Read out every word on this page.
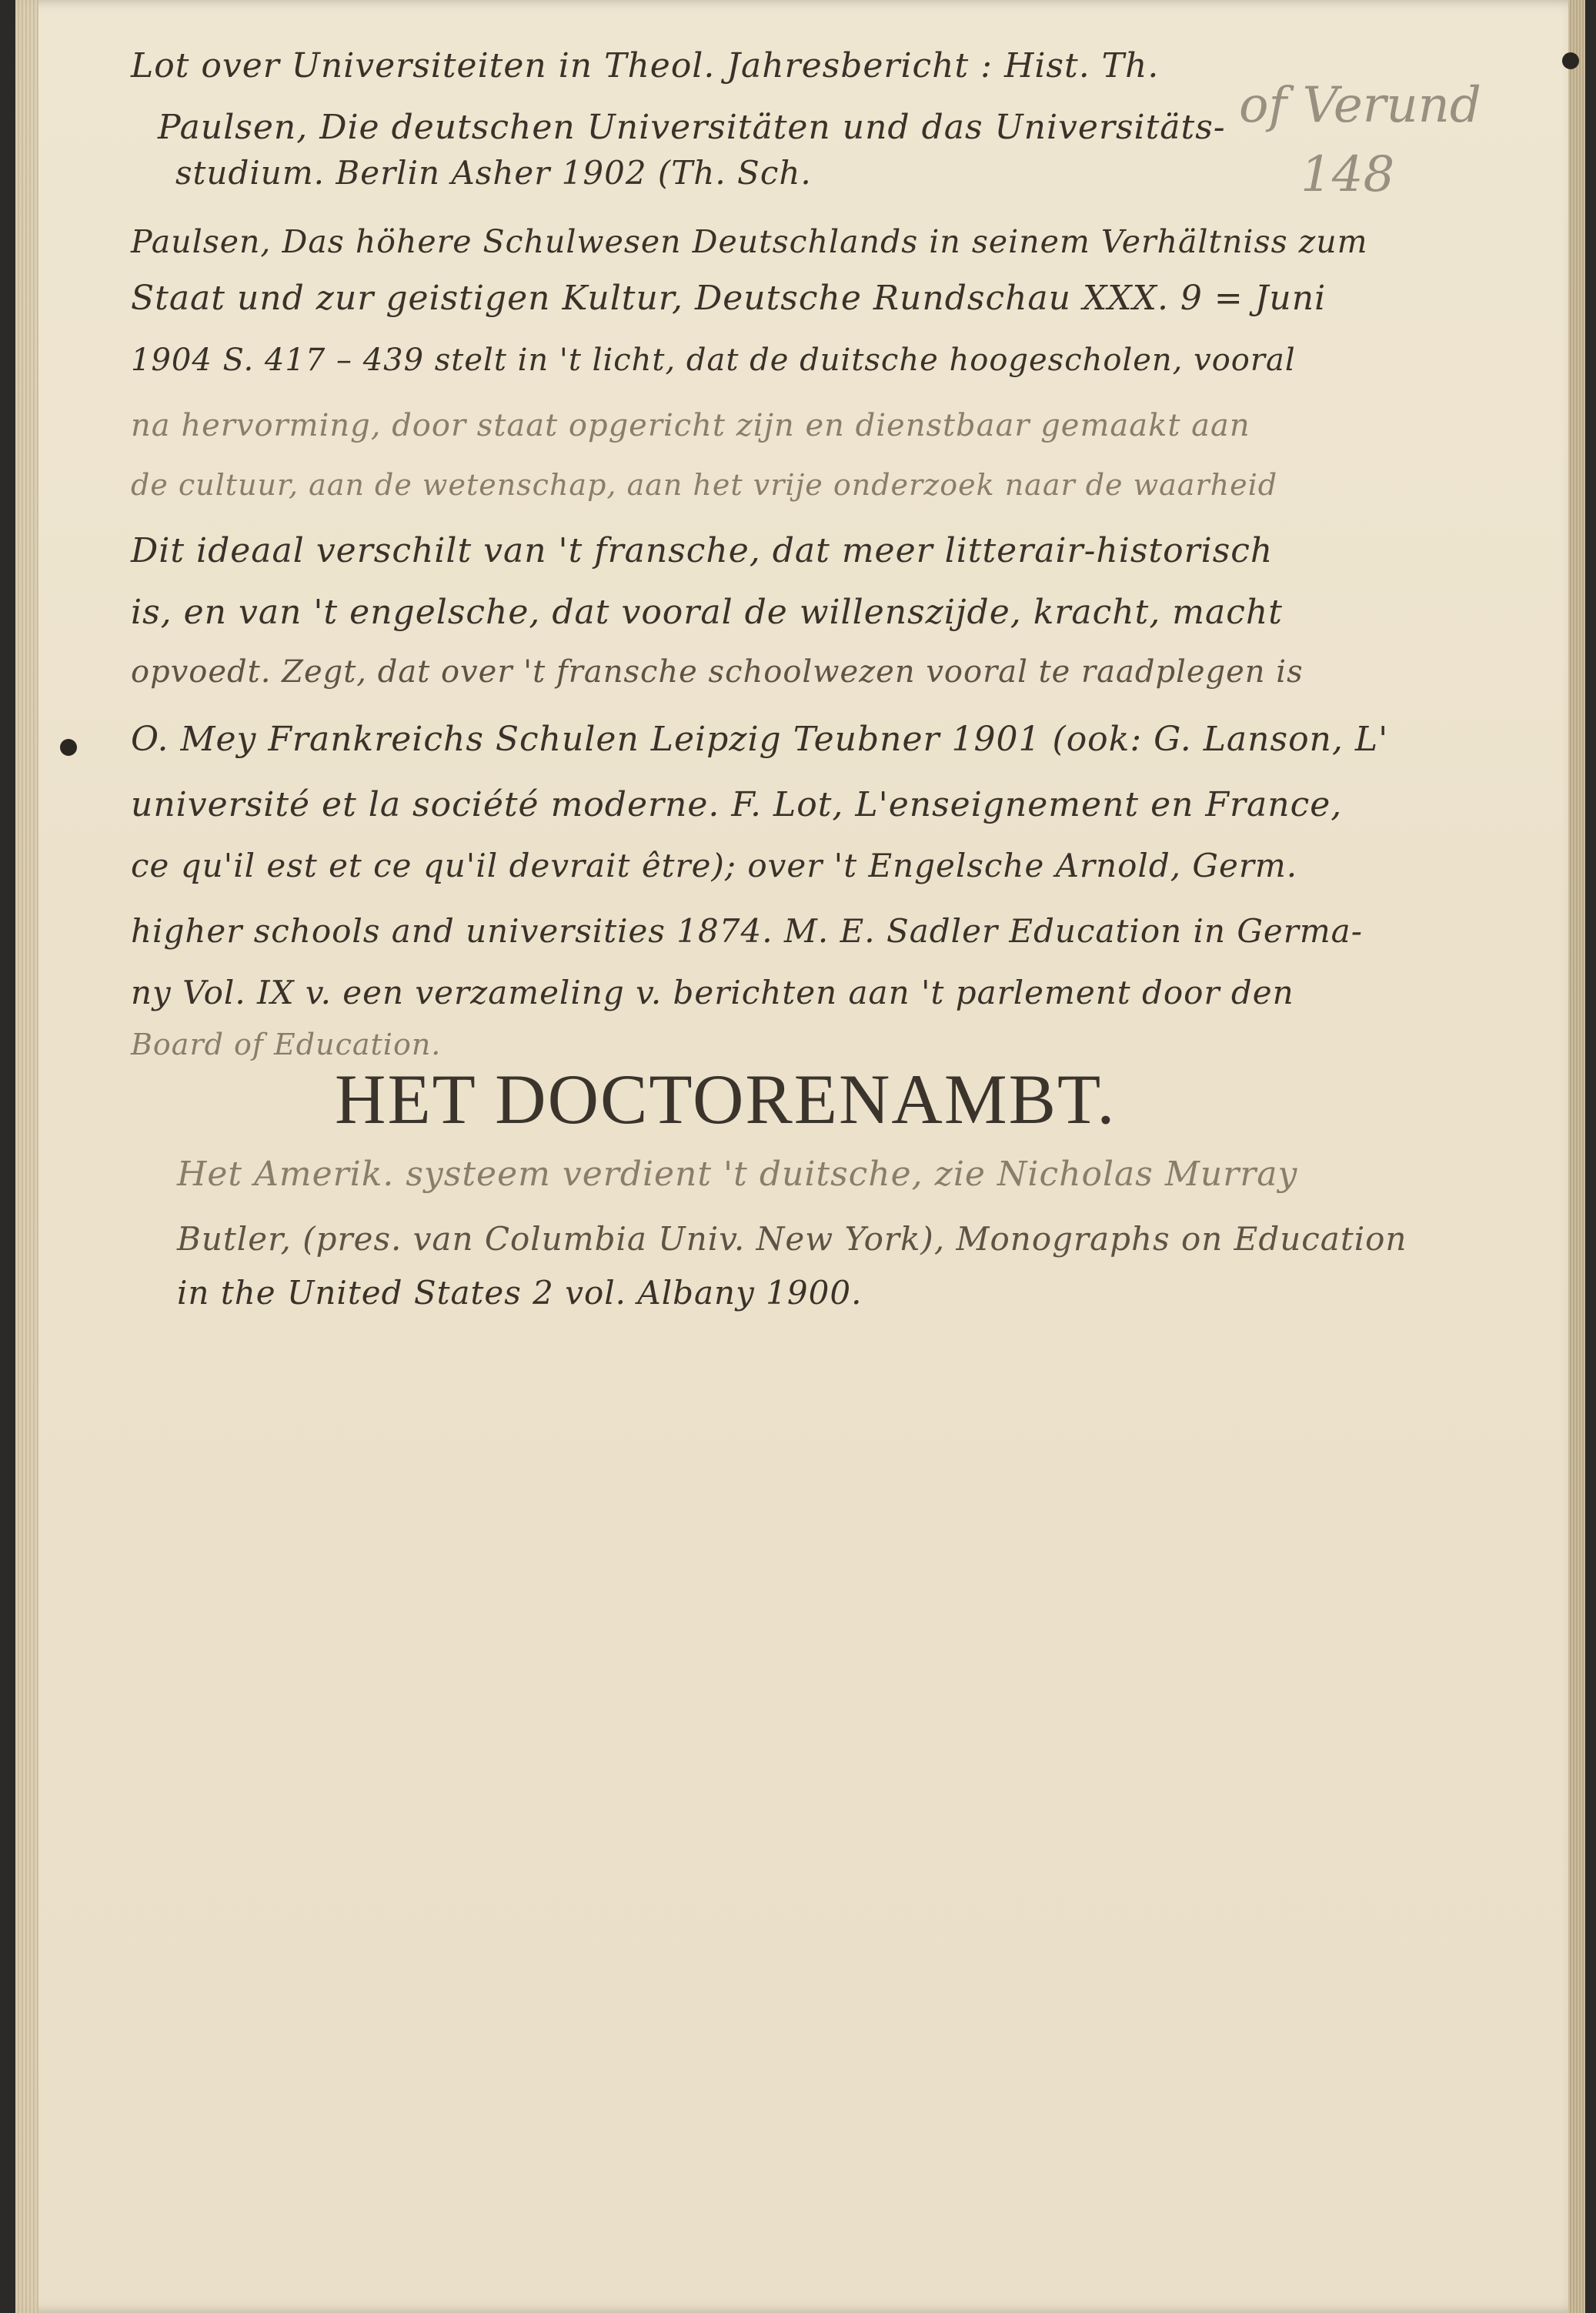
of Verund
148
Lot over Universiteiten in Theol. Jahresbericht : Hist. Th.
Paulsen, Die deutschen Universitäten und das Universitäts-
studium. Berlin Asher 1902 (Th. Sch.
Paulsen, Das höhere Schulwesen Deutschlands in seinem Verhältniss zum
Staat und zur geistigen Kultur, Deutsche Rundschau XXX. 9 = Juni
1904 S. 417 – 439 stelt in 't licht, dat de duitsche hoogescholen, vooral
na hervorming, door staat opgericht zijn en dienstbaar gemaakt aan
de cultuur, aan de wetenschap, aan het vrije onderzoek naar de waarheid
Dit ideaal verschilt van 't fransche, dat meer litterair-historisch
is, en van 't engelsche, dat vooral de willenszijde, kracht, macht
opvoedt. Zegt, dat over 't fransche schoolwezen vooral te raadplegen is
O. Mey Frankreichs Schulen Leipzig Teubner 1901 (ook: G. Lanson, L'
université et la société moderne. F. Lot, L'enseignement en France,
ce qu'il est et ce qu'il devrait être); over 't Engelsche Arnold, Germ.
higher schools and universities 1874. M. E. Sadler Education in Germa-
ny Vol. IX v. een verzameling v. berichten aan 't parlement door den
Board of Education.
HET DOCTORENAMBT.
Het Amerik. systeem verdient 't duitsche, zie Nicholas Murray
Butler, (pres. van Columbia Univ. New York), Monographs on Education
in the United States 2 vol. Albany 1900.
